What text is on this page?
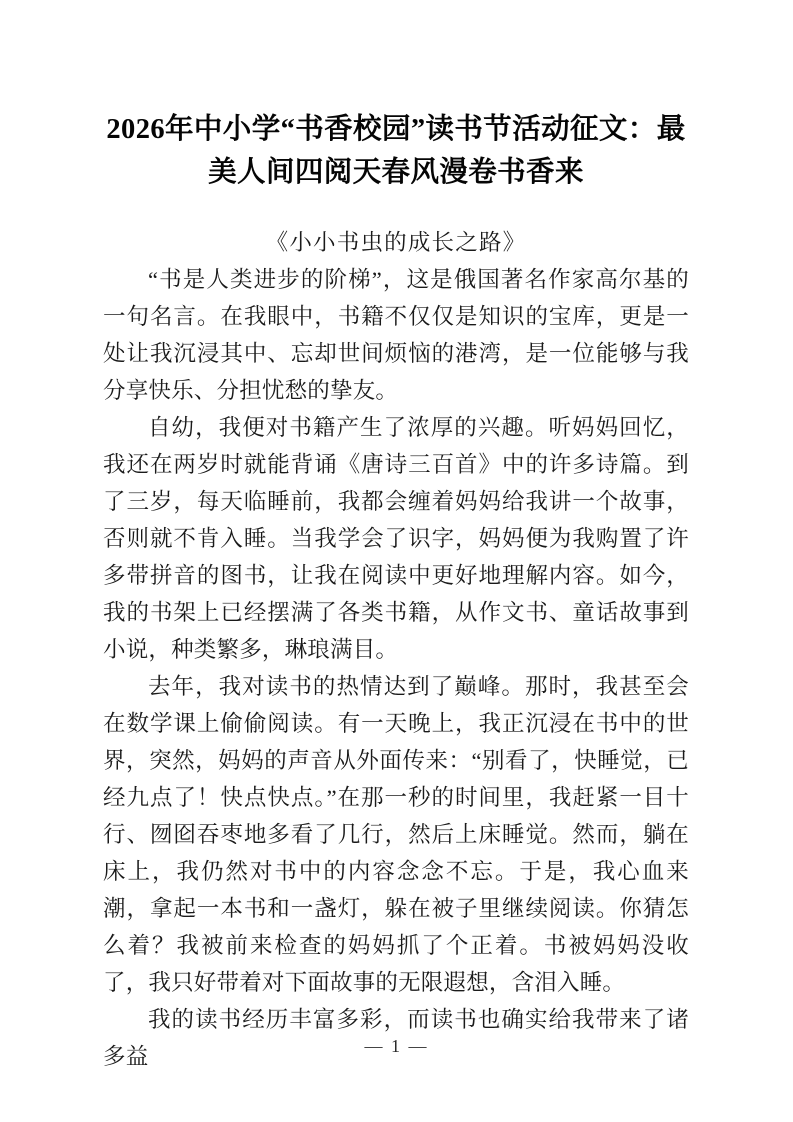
2026年中小学“书香校园”读书节活动征文：最美人间四阅天春风漫卷书香来

《小小书虫的成长之路》

“书是人类进步的阶梯”，这是俄国著名作家高尔基的一句名言。在我眼中，书籍不仅仅是知识的宝库，更是一处让我沉浸其中、忘却世间烦恼的港湾，是一位能够与我分享快乐、分担忧愁的挚友。

自幼，我便对书籍产生了浓厚的兴趣。听妈妈回忆，我还在两岁时就能背诵《唐诗三百首》中的许多诗篇。到了三岁，每天临睡前，我都会缠着妈妈给我讲一个故事，否则就不肯入睡。当我学会了识字，妈妈便为我购置了许多带拼音的图书，让我在阅读中更好地理解内容。如今，我的书架上已经摆满了各类书籍，从作文书、童话故事到小说，种类繁多，琳琅满目。

去年，我对读书的热情达到了巅峰。那时，我甚至会在数学课上偷偷阅读。有一天晚上，我正沉浸在书中的世界，突然，妈妈的声音从外面传来：“别看了，快睡觉，已经九点了！快点快点。”在那一秒的时间里，我赶紧一目十行、囫囵吞枣地多看了几行，然后上床睡觉。然而，躺在床上，我仍然对书中的内容念念不忘。于是，我心血来潮，拿起一本书和一盏灯，躲在被子里继续阅读。你猜怎么着？我被前来检查的妈妈抓了个正着。书被妈妈没收了，我只好带着对下面故事的无限遐想，含泪入睡。

我的读书经历丰富多彩，而读书也确实给我带来了诸多益	— 1 —
